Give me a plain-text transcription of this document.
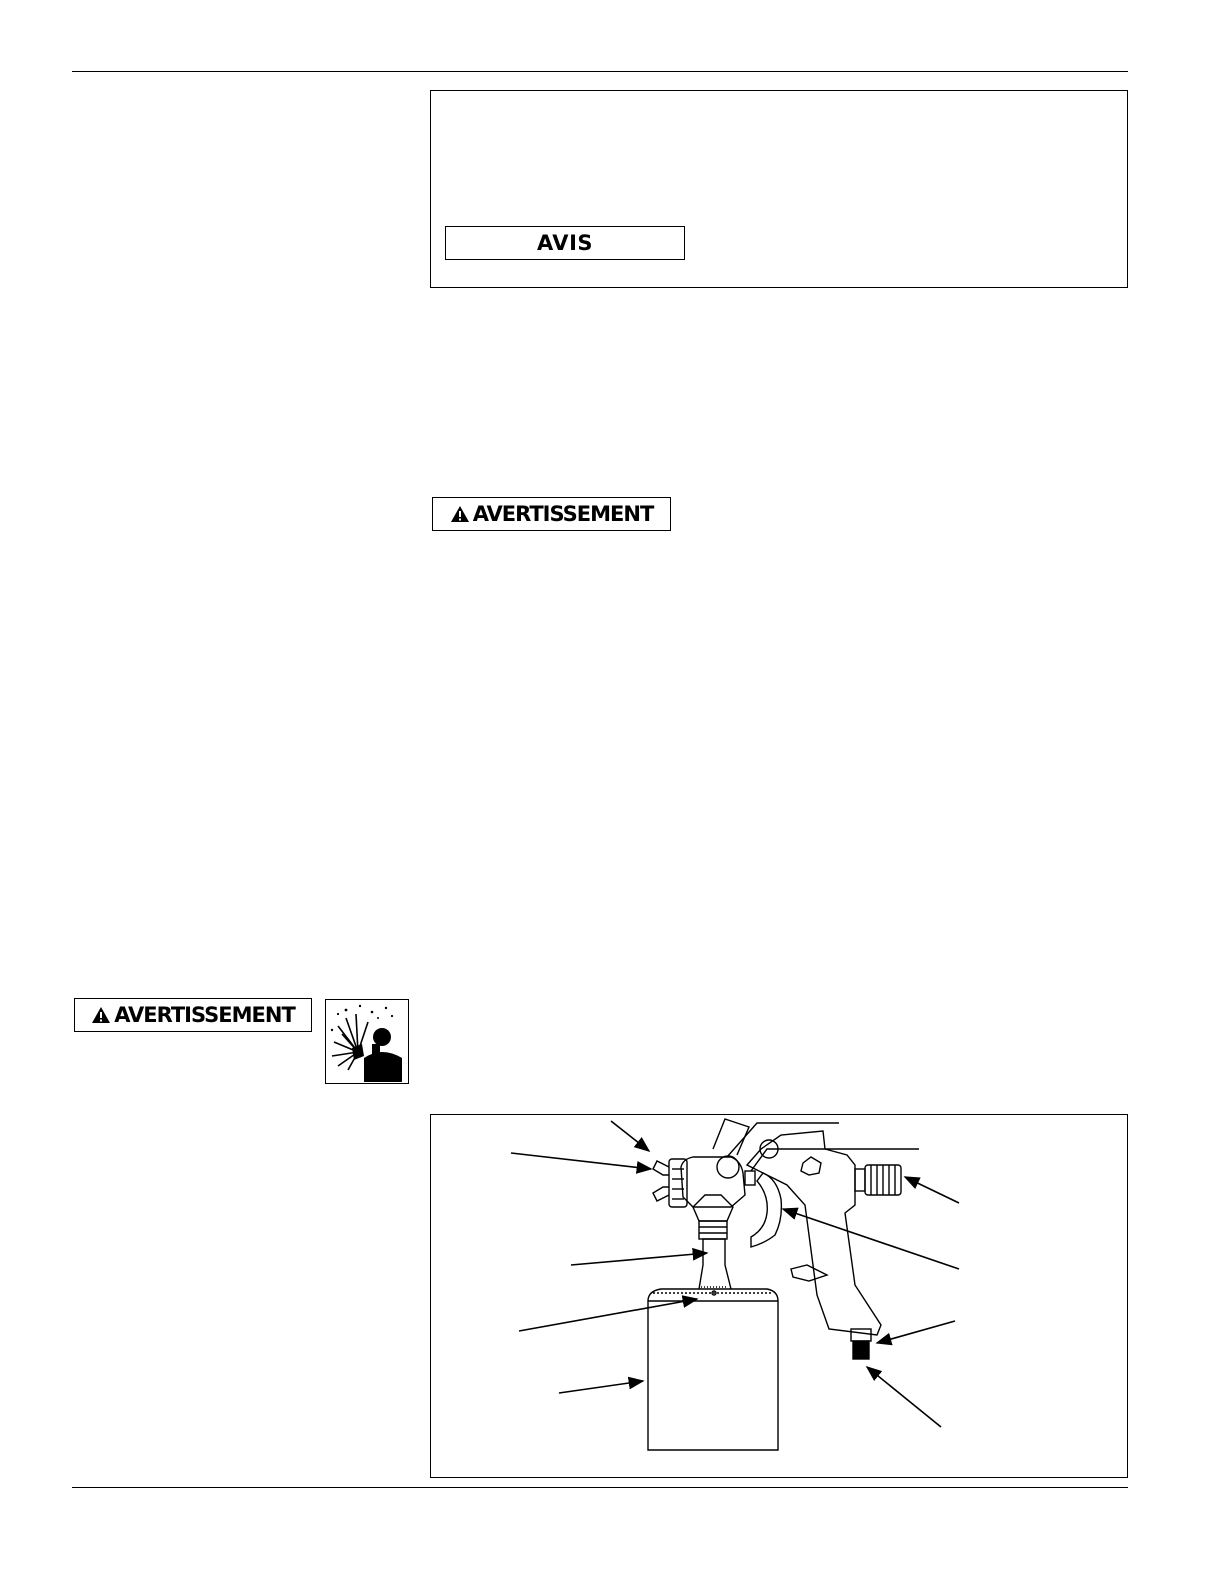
AVIS
AVERTISSEMENT
AVERTISSEMENT
